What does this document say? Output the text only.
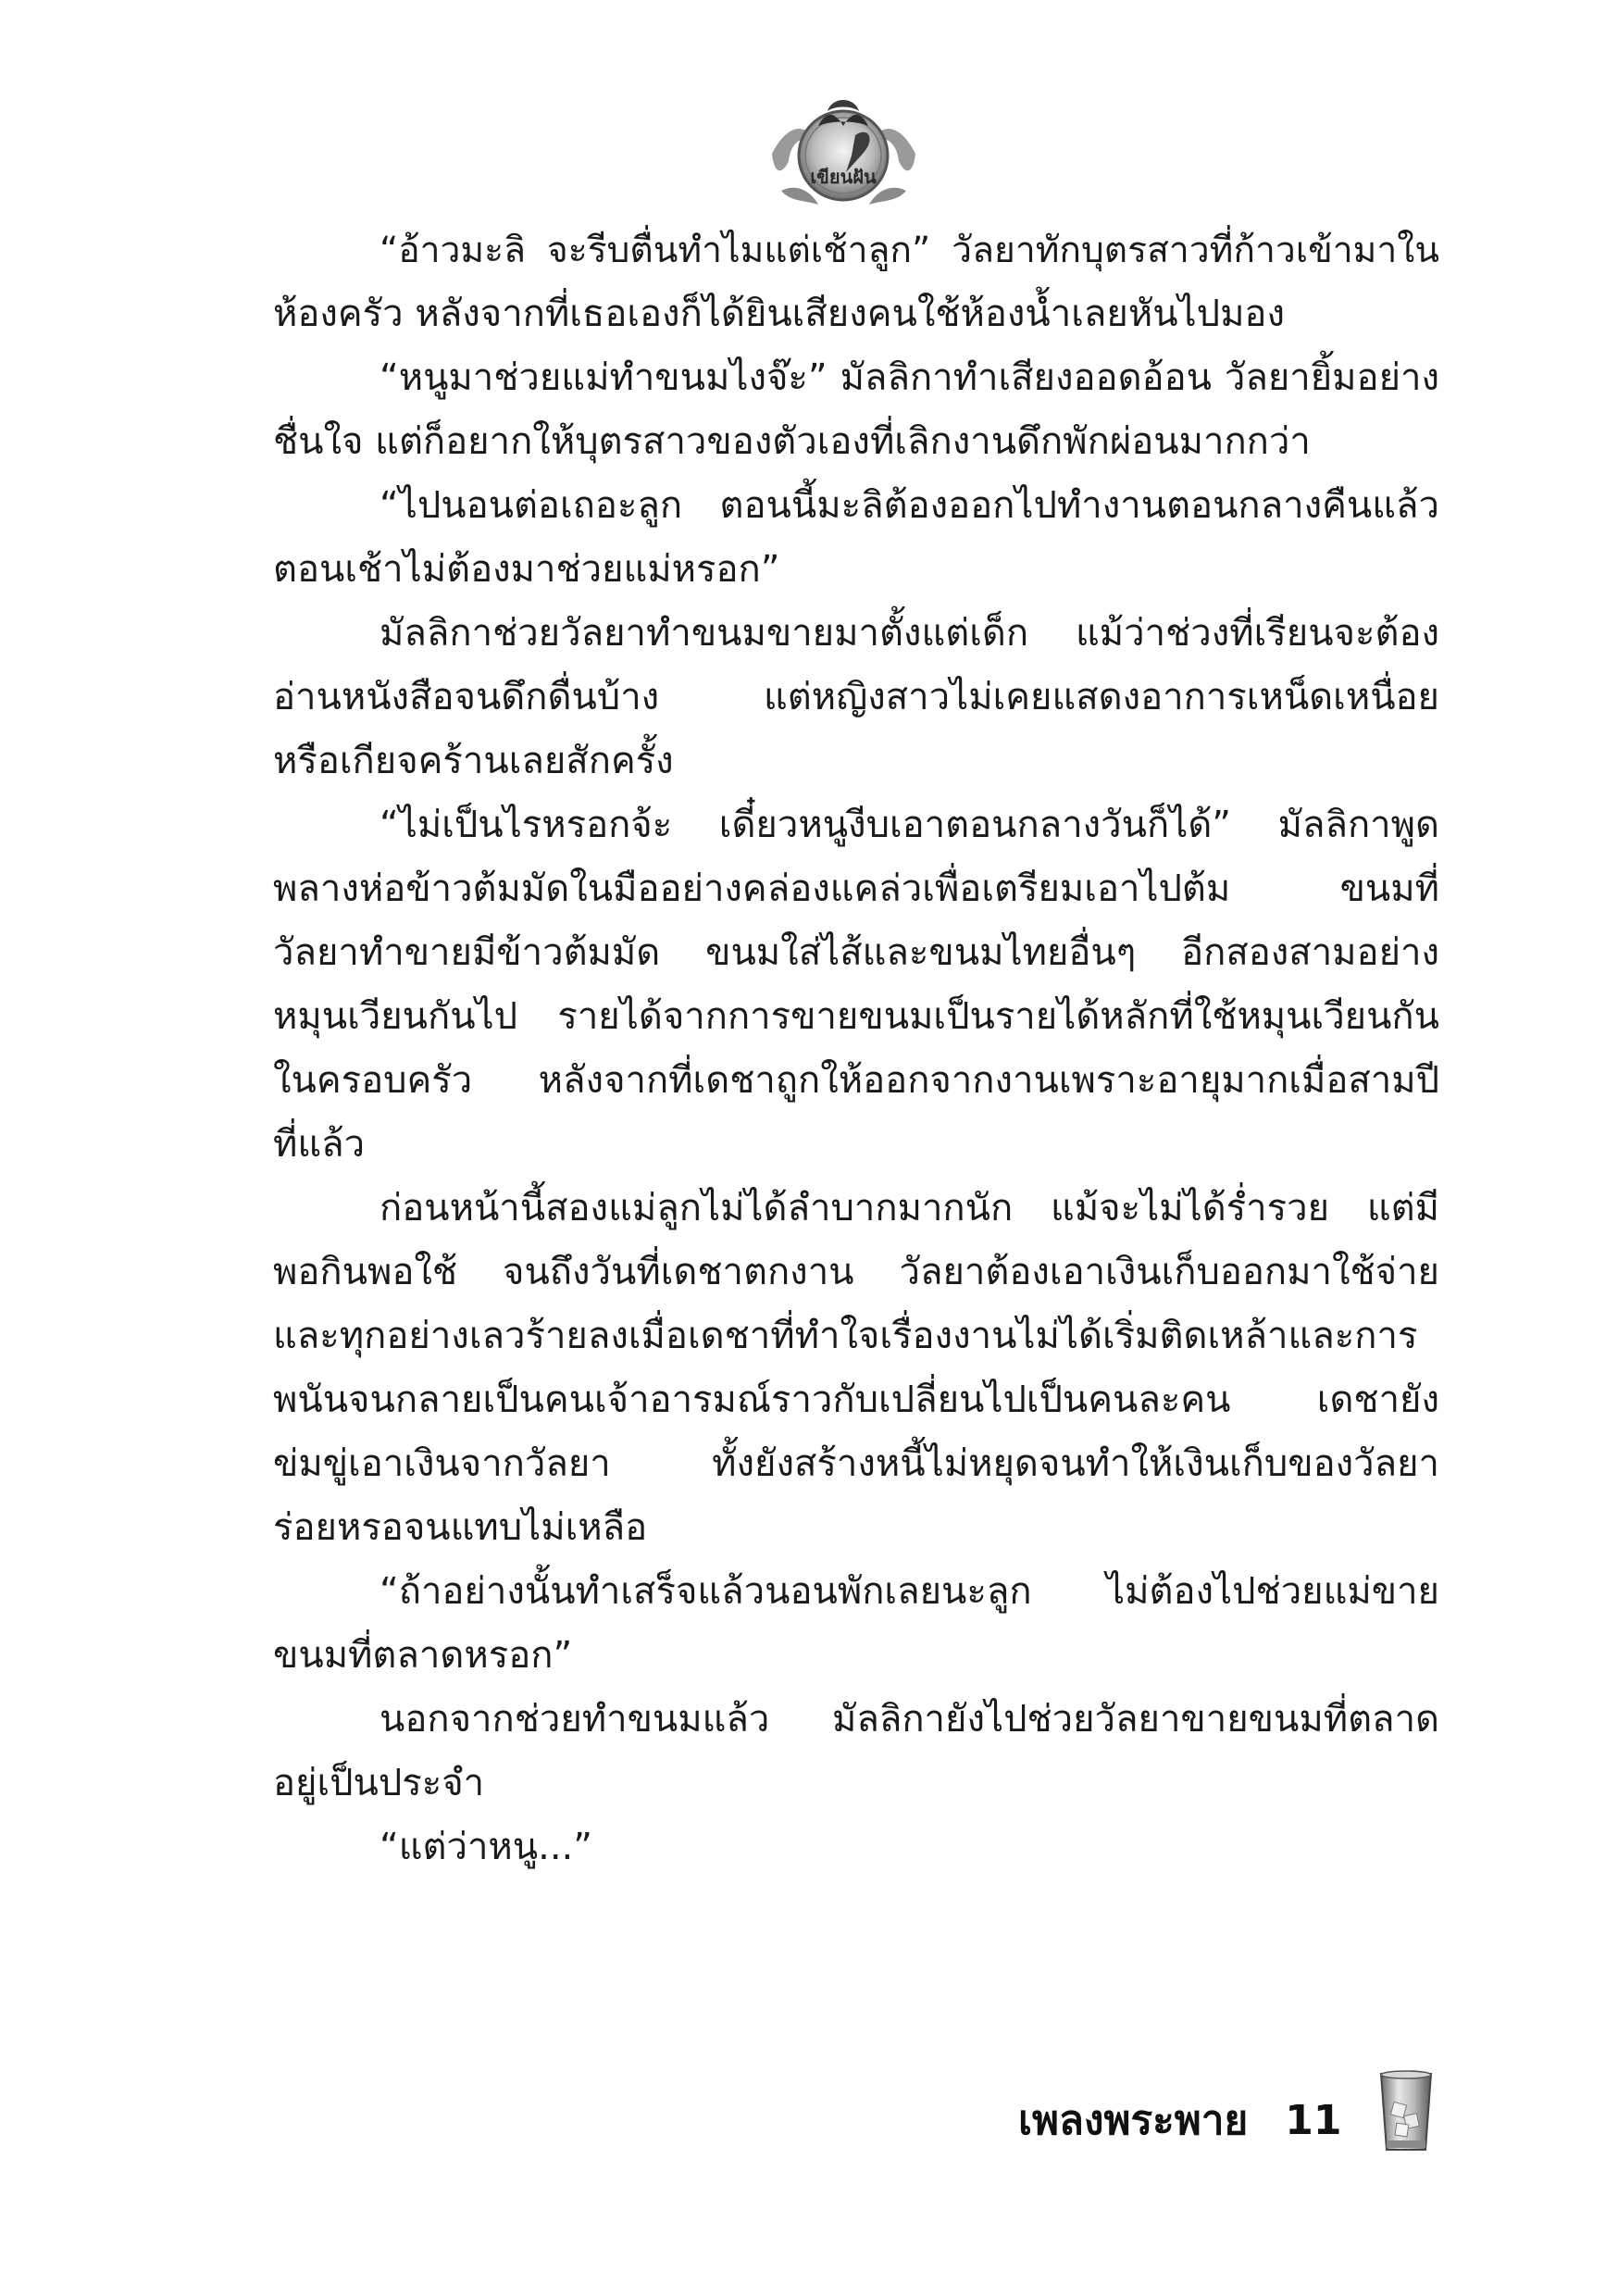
เขียนฝัน
“อ้าวมะลิ จะรีบตื่นทำไมแต่เช้าลูก” วัลยาทักบุตรสาวที่ก้าวเข้ามาใน
ห้องครัว หลังจากที่เธอเองก็ได้ยินเสียงคนใช้ห้องน้ำเลยหันไปมอง
“หนูมาช่วยแม่ทำขนมไงจ๊ะ” มัลลิกาทำเสียงออดอ้อน วัลยายิ้มอย่าง
ชื่นใจ แต่ก็อยากให้บุตรสาวของตัวเองที่เลิกงานดึกพักผ่อนมากกว่า
“ไปนอนต่อเถอะลูก ตอนนี้มะลิต้องออกไปทำงานตอนกลางคืนแล้ว
ตอนเช้าไม่ต้องมาช่วยแม่หรอก”
มัลลิกาช่วยวัลยาทำขนมขายมาตั้งแต่เด็ก แม้ว่าช่วงที่เรียนจะต้อง
อ่านหนังสือจนดึกดื่นบ้าง แต่หญิงสาวไม่เคยแสดงอาการเหน็ดเหนื่อย
หรือเกียจคร้านเลยสักครั้ง
“ไม่เป็นไรหรอกจ้ะ เดี๋ยวหนูงีบเอาตอนกลางวันก็ได้” มัลลิกาพูด
พลางห่อข้าวต้มมัดในมืออย่างคล่องแคล่วเพื่อเตรียมเอาไปต้ม ขนมที่
วัลยาทำขายมีข้าวต้มมัด ขนมใส่ไส้และขนมไทยอื่นๆ อีกสองสามอย่าง
หมุนเวียนกันไป รายได้จากการขายขนมเป็นรายได้หลักที่ใช้หมุนเวียนกัน
ในครอบครัว หลังจากที่เดชาถูกให้ออกจากงานเพราะอายุมากเมื่อสามปี
ที่แล้ว
ก่อนหน้านี้สองแม่ลูกไม่ได้ลำบากมากนัก แม้จะไม่ได้ร่ำรวย แต่มี
พอกินพอใช้ จนถึงวันที่เดชาตกงาน วัลยาต้องเอาเงินเก็บออกมาใช้จ่าย
และทุกอย่างเลวร้ายลงเมื่อเดชาที่ทำใจเรื่องงานไม่ได้เริ่มติดเหล้าและการ
พนันจนกลายเป็นคนเจ้าอารมณ์ราวกับเปลี่ยนไปเป็นคนละคน เดชายัง
ข่มขู่เอาเงินจากวัลยา ทั้งยังสร้างหนี้ไม่หยุดจนทำให้เงินเก็บของวัลยา
ร่อยหรอจนแทบไม่เหลือ
“ถ้าอย่างนั้นทำเสร็จแล้วนอนพักเลยนะลูก ไม่ต้องไปช่วยแม่ขาย
ขนมที่ตลาดหรอก”
นอกจากช่วยทำขนมแล้ว มัลลิกายังไปช่วยวัลยาขายขนมที่ตลาด
อยู่เป็นประจำ
“แต่ว่าหนู...”
เพลงพระพาย 11
